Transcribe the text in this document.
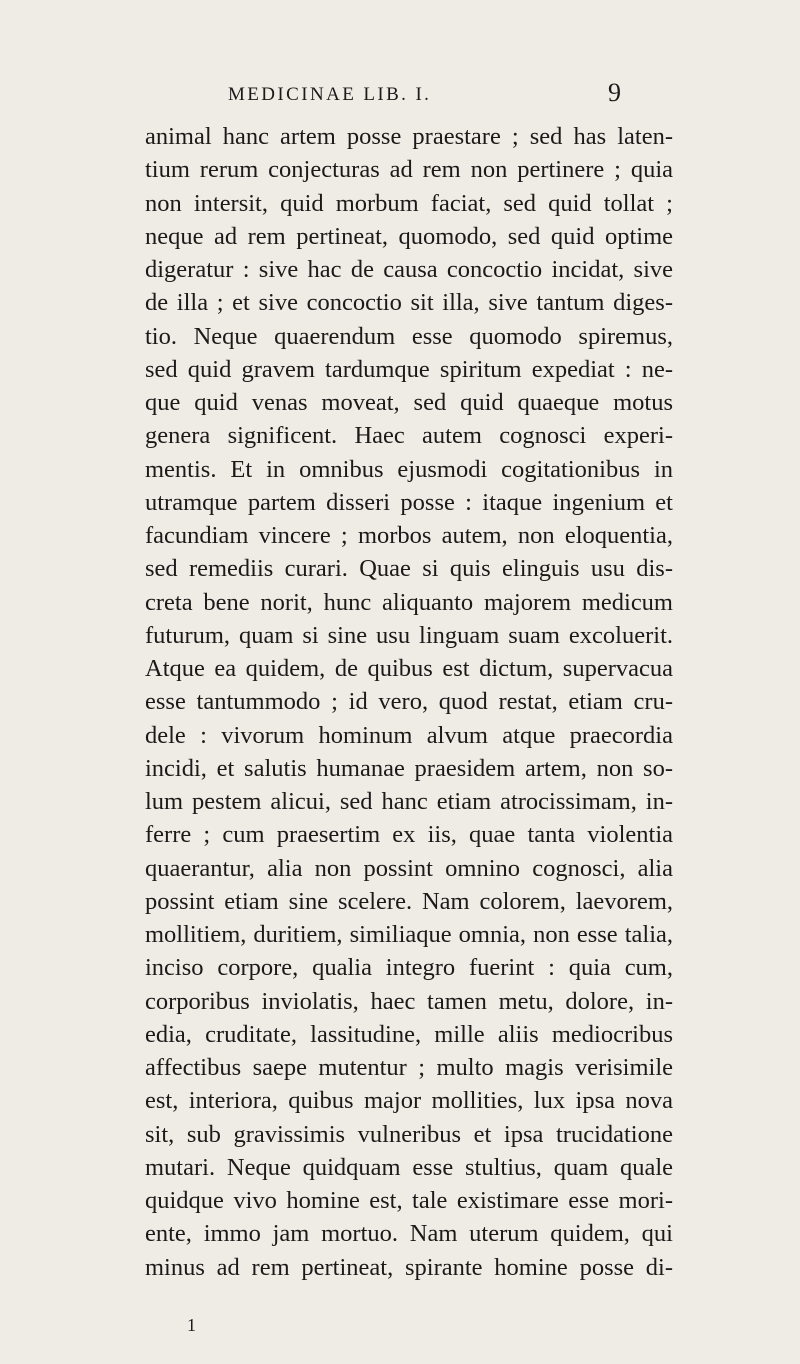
MEDICINAE LIB. I.	9
animal hanc artem posse praestare ; sed has laten-
tium rerum conjecturas ad rem non pertinere ; quia
non intersit, quid morbum faciat, sed quid tollat ;
neque ad rem pertineat, quomodo, sed quid optime
digeratur : sive hac de causa concoctio incidat, sive
de illa ; et sive concoctio sit illa, sive tantum diges-
tio. Neque quaerendum esse quomodo spiremus,
sed quid gravem tardumque spiritum expediat : ne-
que quid venas moveat, sed quid quaeque motus
genera significent. Haec autem cognosci experi-
mentis. Et in omnibus ejusmodi cogitationibus in
utramque partem disseri posse : itaque ingenium et
facundiam vincere ; morbos autem, non eloquentia,
sed remediis curari. Quae si quis elinguis usu dis-
creta bene norit, hunc aliquanto majorem medicum
futurum, quam si sine usu linguam suam excoluerit.
Atque ea quidem, de quibus est dictum, supervacua
esse tantummodo ; id vero, quod restat, etiam cru-
dele : vivorum hominum alvum atque praecordia
incidi, et salutis humanae praesidem artem, non so-
lum pestem alicui, sed hanc etiam atrocissimam, in-
ferre ; cum praesertim ex iis, quae tanta violentia
quaerantur, alia non possint omnino cognosci, alia
possint etiam sine scelere. Nam colorem, laevorem,
mollitiem, duritiem, similiaque omnia, non esse talia,
inciso corpore, qualia integro fuerint : quia cum,
corporibus inviolatis, haec tamen metu, dolore, in-
edia, cruditate, lassitudine, mille aliis mediocribus
affectibus saepe mutentur ; multo magis verisimile
est, interiora, quibus major mollities, lux ipsa nova
sit, sub gravissimis vulneribus et ipsa trucidatione
mutari. Neque quidquam esse stultius, quam quale
quidque vivo homine est, tale existimare esse mori-
ente, immo jam mortuo. Nam uterum quidem, qui
minus ad rem pertineat, spirante homine posse di-
1
